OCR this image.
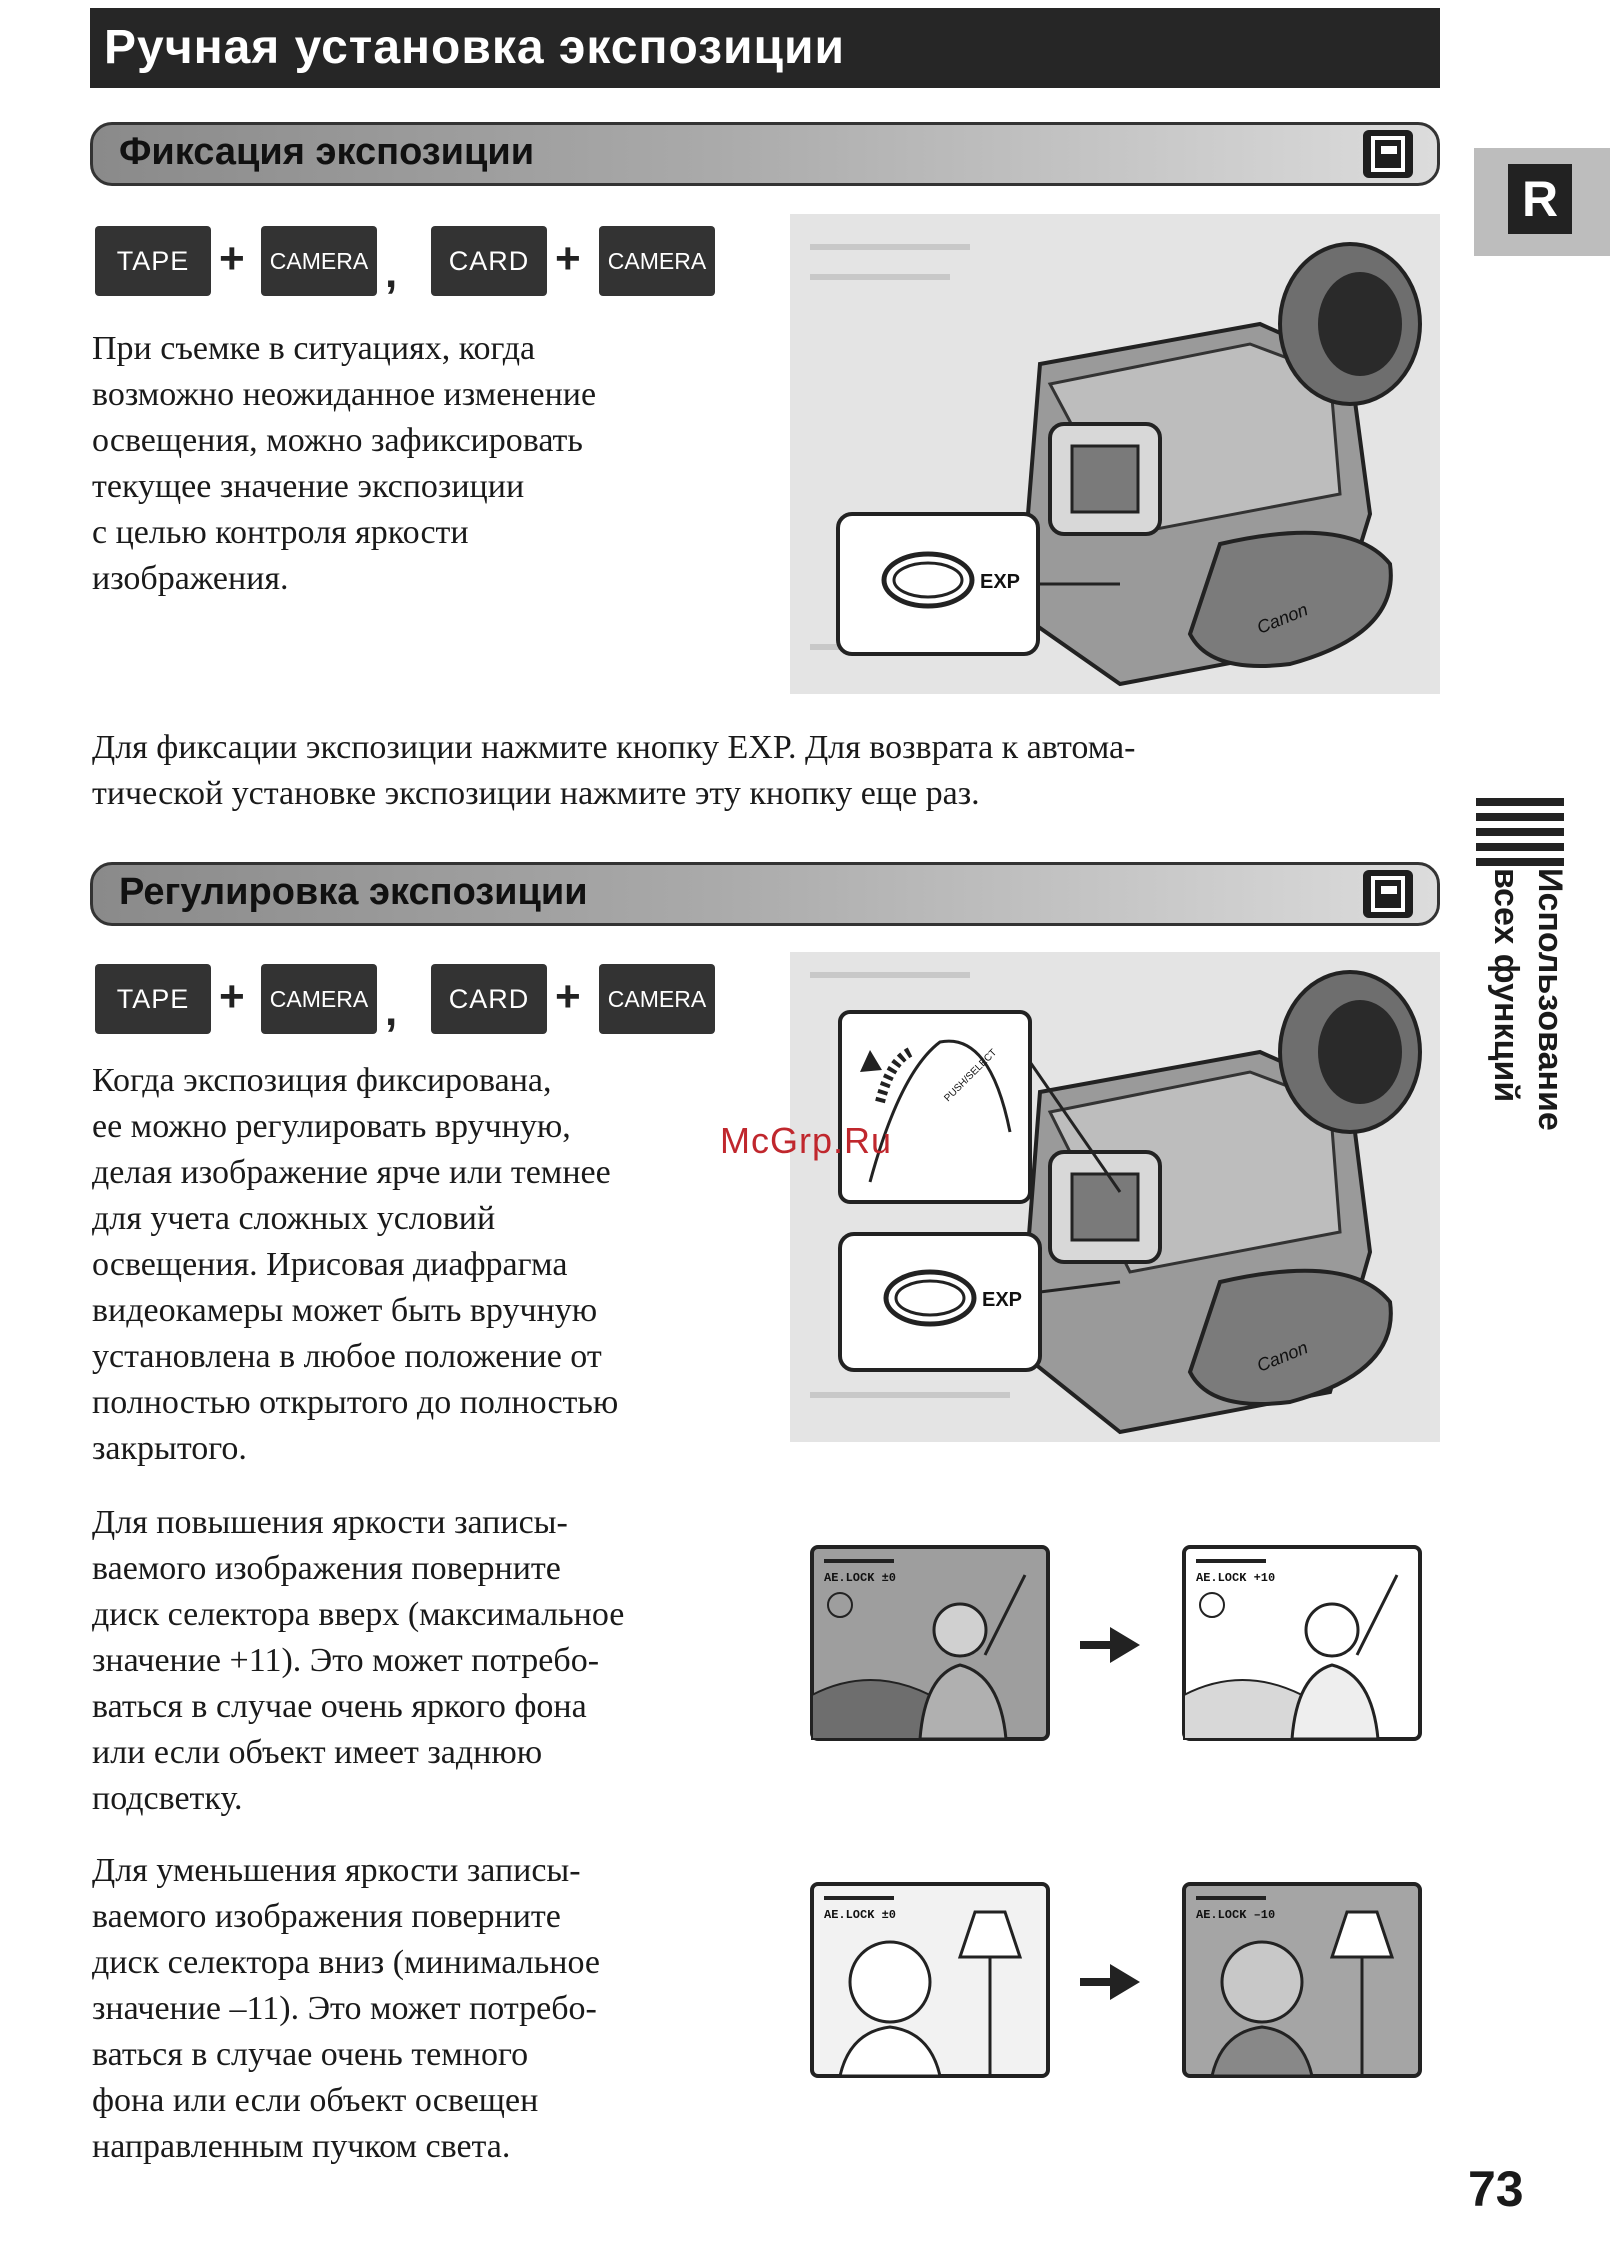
Ручная установка экспозиции
R
Использование всех функций
Фиксация экспозиции
TAPE +	CAMERA ,	CARD +	CAMERA
При съемке в ситуациях, когда
возможно неожиданное изменение
освещения, можно зафиксировать
текущее значение экспозиции
с целью контроля яркости
изображения.
Canon
EXP
Для фиксации экспозиции нажмите кнопку EXP. Для возврата к автома-
тической установке экспозиции нажмите эту кнопку еще раз.
Регулировка экспозиции
TAPE +	CAMERA ,	CARD +	CAMERA
Когда экспозиция фиксирована,
ее можно регулировать вручную,
делая изображение ярче или темнее
для учета сложных условий
освещения. Ирисовая диафрагма
видеокамеры может быть вручную
установлена в любое положение от
полностью открытого до полностью
закрытого.
Canon
PUSH/SELECT
EXP
McGrp.Ru
Для повышения яркости записы-
ваемого изображения поверните
диск селектора вверх (максимальное
значение +11). Это может потребо-
ваться в случае очень яркого фона
или если объект имеет заднюю
подсветку.
Для уменьшения яркости записы-
ваемого изображения поверните
диск селектора вниз (минимальное
значение –11). Это может потребо-
ваться в случае очень темного
фона или если объект освещен
направленным пучком света.
AE.LOCK ±0	AE.LOCK +10
AE.LOCK ±0	AE.LOCK –10
73
